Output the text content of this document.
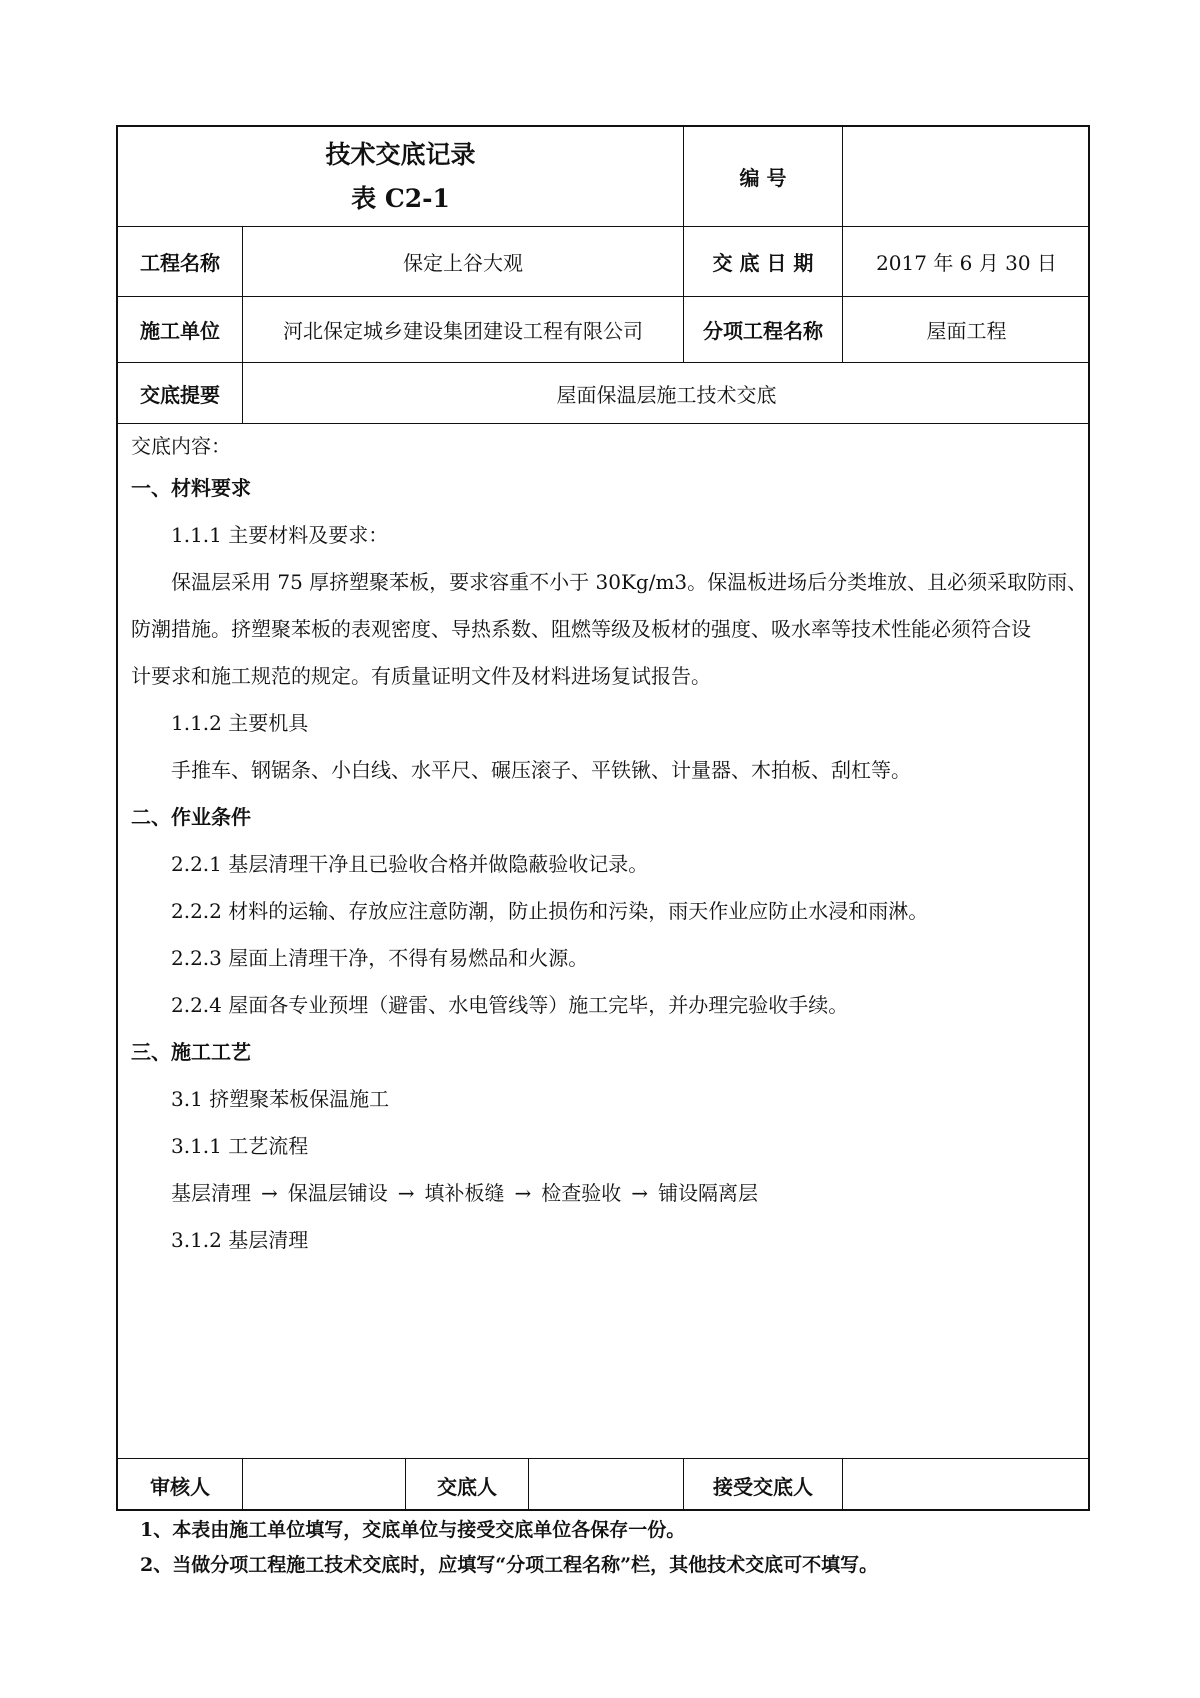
技术交底记录
表 C2-1
编 号
工程名称	保定上谷大观	交 底 日 期	2017 年 6 月 30 日
施工单位	河北保定城乡建设集团建设工程有限公司	分项工程名称	屋面工程
交底提要	屋面保温层施工技术交底
交底内容：
一、材料要求
1.1.1 主要材料及要求：
保温层采用 75 厚挤塑聚苯板，要求容重不小于 30Kg/m3。保温板进场后分类堆放、且必须采取防雨、
防潮措施。挤塑聚苯板的表观密度、导热系数、阻燃等级及板材的强度、吸水率等技术性能必须符合设
计要求和施工规范的规定。有质量证明文件及材料进场复试报告。
1.1.2 主要机具
手推车、钢锯条、小白线、水平尺、碾压滚子、平铁锹、计量器、木拍板、刮杠等。
二、作业条件
2.2.1 基层清理干净且已验收合格并做隐蔽验收记录。
2.2.2 材料的运输、存放应注意防潮，防止损伤和污染，雨天作业应防止水浸和雨淋。
2.2.3 屋面上清理干净，不得有易燃品和火源。
2.2.4 屋面各专业预埋（避雷、水电管线等）施工完毕，并办理完验收手续。
三、施工工艺
3.1 挤塑聚苯板保温施工
3.1.1 工艺流程
基层清理 → 保温层铺设 → 填补板缝 → 检查验收 → 铺设隔离层
3.1.2 基层清理
审核人	交底人	接受交底人
1、本表由施工单位填写，交底单位与接受交底单位各保存一份。
2、当做分项工程施工技术交底时，应填写“分项工程名称”栏，其他技术交底可不填写。
